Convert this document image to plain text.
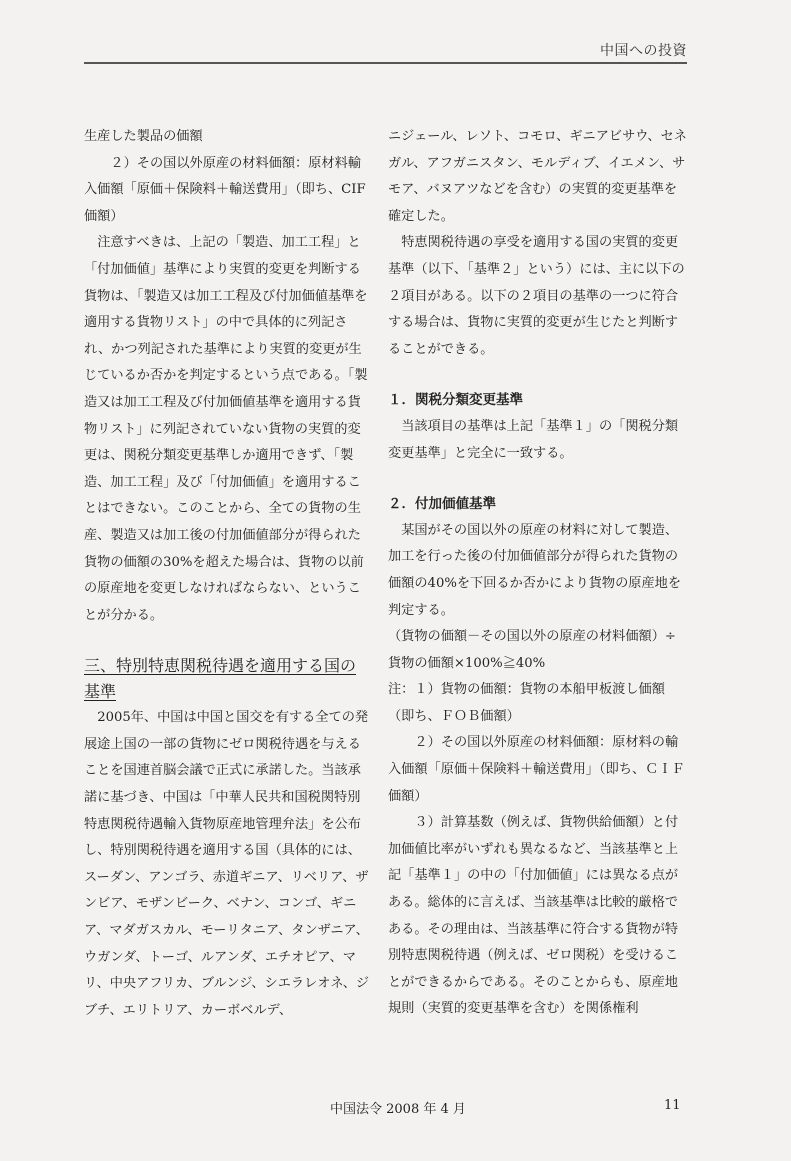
中国への投資

生産した製品の価額

２）その国以外原産の材料価額：原材料輸入価額「原価＋保険料＋輸送費用」（即ち、CIF価額）

注意すべきは、上記の「製造、加工工程」と「付加価値」基準により実質的変更を判断する貨物は、「製造又は加工工程及び付加価値基準を適用する貨物リスト」の中で具体的に列記され、かつ列記された基準により実質的変更が生じているか否かを判定するという点である。「製造又は加工工程及び付加価値基準を適用する貨物リスト」に列記されていない貨物の実質的変更は、関税分類変更基準しか適用できず、「製造、加工工程」及び「付加価値」を適用することはできない。このことから、全ての貨物の生産、製造又は加工後の付加価値部分が得られた貨物の価額の30%を超えた場合は、貨物の以前の原産地を変更しなければならない、ということが分かる。

三、特別特恵関税待遇を適用する国の基準

2005年、中国は中国と国交を有する全ての発展途上国の一部の貨物にゼロ関税待遇を与えることを国連首脳会議で正式に承諾した。当該承諾に基づき、中国は「中華人民共和国税関特別特恵関税待遇輸入貨物原産地管理弁法」を公布し、特別関税待遇を適用する国（具体的には、スーダン、アンゴラ、赤道ギニア、リベリア、ザンビア、モザンビーク、ベナン、コンゴ、ギニア、マダガスカル、モーリタニア、タンザニア、ウガンダ、トーゴ、ルアンダ、エチオピア、マリ、中央アフリカ、ブルンジ、シエラレオネ、ジブチ、エリトリア、カーボベルデ、

ニジェール、レソト、コモロ、ギニアビサウ、セネガル、アフガニスタン、モルディブ、イエメン、サモア、バヌアツなどを含む）の実質的変更基準を確定した。

特恵関税待遇の享受を適用する国の実質的変更基準（以下、「基準２」という）には、主に以下の２項目がある。以下の２項目の基準の一つに符合する場合は、貨物に実質的変更が生じたと判断することができる。

１．関税分類変更基準

当該項目の基準は上記「基準１」の「関税分類変更基準」と完全に一致する。

２．付加価値基準

某国がその国以外の原産の材料に対して製造、加工を行った後の付加価値部分が得られた貨物の価額の40%を下回るか否かにより貨物の原産地を判定する。

（貨物の価額－その国以外の原産の材料価額）÷貨物の価額×100%≧40%

注：１）貨物の価額：貨物の本船甲板渡し価額（即ち、ＦＯＢ価額）

２）その国以外原産の材料価額：原材料の輸入価額「原価＋保険料＋輸送費用」（即ち、ＣＩＦ価額）

３）計算基数（例えば、貨物供給価額）と付加価値比率がいずれも異なるなど、当該基準と上記「基準１」の中の「付加価値」には異なる点がある。総体的に言えば、当該基準は比較的厳格である。その理由は、当該基準に符合する貨物が特別特恵関税待遇（例えば、ゼロ関税）を受けることができるからである。そのことからも、原産地規則（実質的変更基準を含む）を関係権利

中国法令 2008 年 4 月	11
